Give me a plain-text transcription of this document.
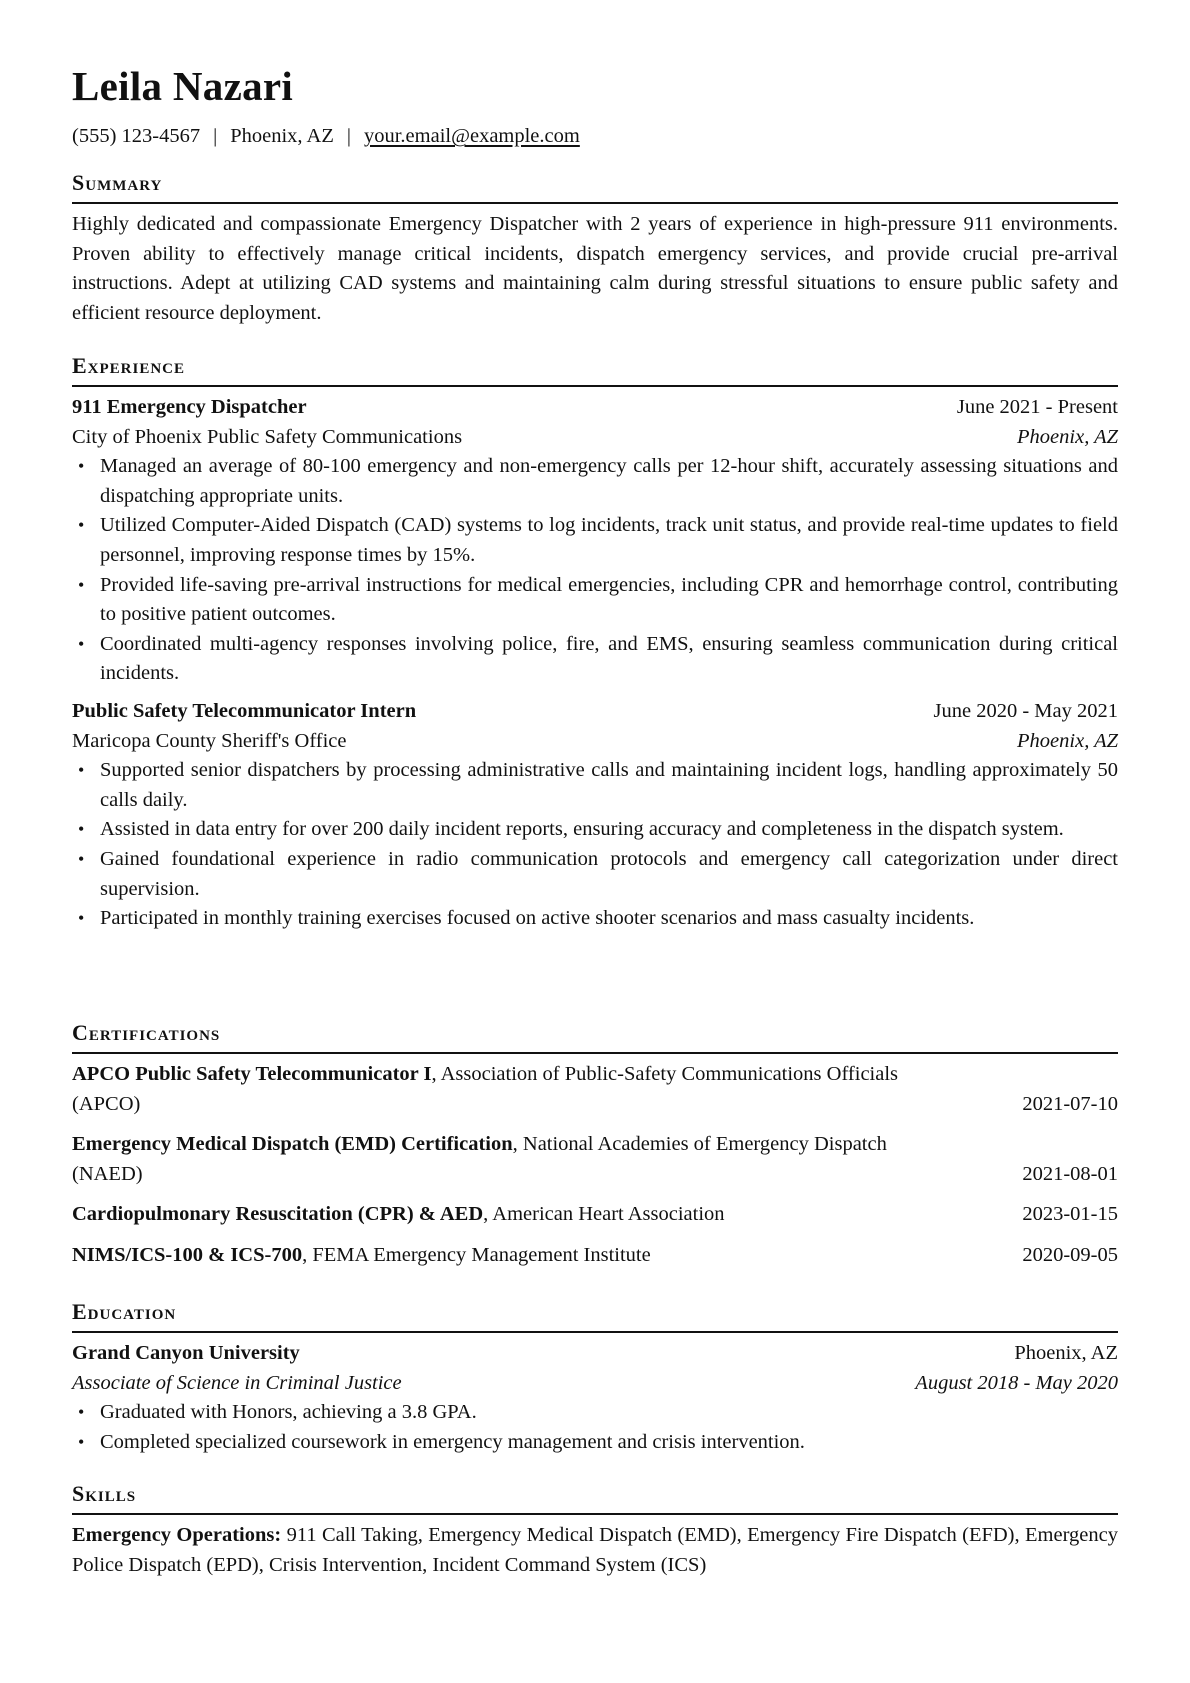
Leila Nazari
(555) 123-4567 | Phoenix, AZ | your.email@example.com
Summary
Highly dedicated and compassionate Emergency Dispatcher with 2 years of experience in high-pressure 911 environments. Proven ability to effectively manage critical incidents, dispatch emergency services, and provide crucial pre-arrival instructions. Adept at utilizing CAD systems and maintaining calm during stressful situations to ensure public safety and efficient resource deployment.
Experience
911 Emergency Dispatcher	June 2021 - Present
City of Phoenix Public Safety Communications	Phoenix, AZ
• Managed an average of 80-100 emergency and non-emergency calls per 12-hour shift, accurately assessing situations and dispatching appropriate units.
• Utilized Computer-Aided Dispatch (CAD) systems to log incidents, track unit status, and provide real-time updates to field personnel, improving response times by 15%.
• Provided life-saving pre-arrival instructions for medical emergencies, including CPR and hemorrhage control, contributing to positive patient outcomes.
• Coordinated multi-agency responses involving police, fire, and EMS, ensuring seamless communication during critical incidents.
Public Safety Telecommunicator Intern	June 2020 - May 2021
Maricopa County Sheriff's Office	Phoenix, AZ
• Supported senior dispatchers by processing administrative calls and maintaining incident logs, handling approximately 50 calls daily.
• Assisted in data entry for over 200 daily incident reports, ensuring accuracy and completeness in the dispatch system.
• Gained foundational experience in radio communication protocols and emergency call categorization under direct supervision.
• Participated in monthly training exercises focused on active shooter scenarios and mass casualty incidents.
Certifications
APCO Public Safety Telecommunicator I, Association of Public-Safety Communications Officials
(APCO)	2021-07-10
Emergency Medical Dispatch (EMD) Certification, National Academies of Emergency Dispatch
(NAED)	2021-08-01
Cardiopulmonary Resuscitation (CPR) & AED, American Heart Association	2023-01-15
NIMS/ICS-100 & ICS-700, FEMA Emergency Management Institute	2020-09-05
Education
Grand Canyon University	Phoenix, AZ
Associate of Science in Criminal Justice	August 2018 - May 2020
• Graduated with Honors, achieving a 3.8 GPA.
• Completed specialized coursework in emergency management and crisis intervention.
Skills
Emergency Operations: 911 Call Taking, Emergency Medical Dispatch (EMD), Emergency Fire Dispatch (EFD), Emergency Police Dispatch (EPD), Crisis Intervention, Incident Command System (ICS)
